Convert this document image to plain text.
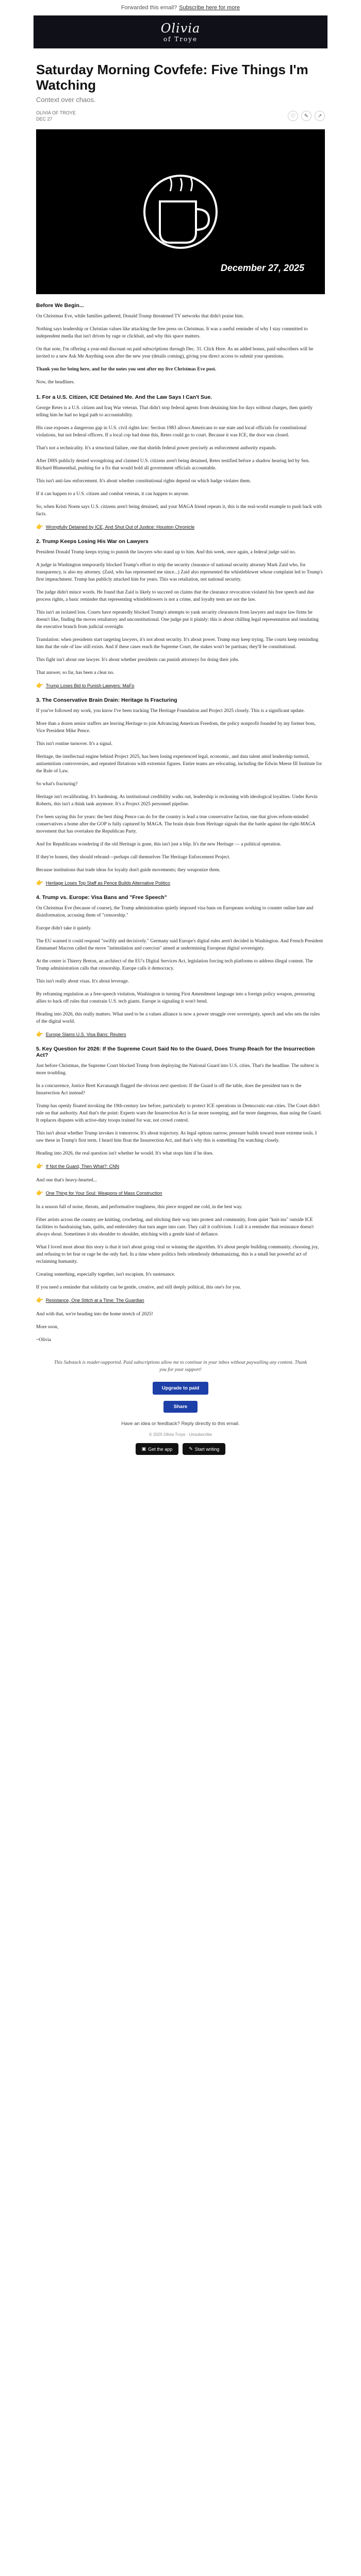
Forwarded this email? Subscribe here for more
Olivia
of Troye
Saturday Morning Covfefe: Five Things I'm Watching
Context over chaos.
OLIVIA OF TROYE
DEC 27
♡	✎	↗
December 27, 2025
Before We Begin...

On Christmas Eve, while families gathered, Donald Trump threatened TV networks that didn't praise him.

Nothing says leadership or Christian values like attacking the free press on Christmas. It was a useful reminder of why I stay committed to independent media that isn't driven by rage or clickbait, and why this space matters.

On that note, I'm offering a year-end discount on paid subscriptions through Dec. 31. Click Here. As an added bonus, paid subscribers will be invited to a new Ask Me Anything soon after the new year (details coming), giving you direct access to submit your questions.

Thank you for being here, and for the notes you sent after my live Christmas Eve post.

Now, the headlines.

1. For a U.S. Citizen, ICE Detained Me. And the Law Says I Can't Sue.

George Retes is a U.S. citizen and Iraq War veteran. That didn't stop federal agents from detaining him for days without charges, then quietly telling him he had no legal path to accountability.

His case exposes a dangerous gap in U.S. civil rights law: Section 1983 allows Americans to sue state and local officials for constitutional violations, but not federal officers. If a local cop had done this, Retes could go to court. Because it was ICE, the door was closed.

That's not a technicality. It's a structural failure, one that shields federal power precisely as enforcement authority expands.

After DHS publicly denied wrongdoing and claimed U.S. citizens aren't being detained, Retes testified before a shadow hearing led by Sen. Richard Blumenthal, pushing for a fix that would hold all government officials accountable.

This isn't anti-law enforcement. It's about whether constitutional rights depend on which badge violates them.

If it can happen to a U.S. citizen and combat veteran, it can happen to anyone.

So, when Kristi Noem says U.S. citizens aren't being detained, and your MAGA friend repeats it, this is the real-world example to push back with facts.

👉 Wrongfully Detained by ICE, And Shut Out of Justice: Houston Chronicle
2. Trump Keeps Losing His War on Lawyers

President Donald Trump keeps trying to punish the lawyers who stand up to him. And this week, once again, a federal judge said no.

A judge in Washington temporarily blocked Trump's effort to strip the security clearance of national security attorney Mark Zaid who, for transparency, is also my attorney. (Zaid, who has represented me since...) Zaid also represented the whistleblower whose complaint led to Trump's first impeachment. Trump has publicly attacked him for years. This was retaliation, not national security.

The judge didn't mince words. He found that Zaid is likely to succeed on claims that the clearance revocation violated his free speech and due process rights, a basic reminder that representing whistleblowers is not a crime, and loyalty tests are not the law.

This isn't an isolated loss. Courts have repeatedly blocked Trump's attempts to yank security clearances from lawyers and major law firms he doesn't like, finding the moves retaliatory and unconstitutional. One judge put it plainly: this is about chilling legal representation and insulating the executive branch from judicial oversight.

Translation: when presidents start targeting lawyers, it's not about security. It's about power. Trump may keep trying. The courts keep reminding him that the rule of law still exists. And if these cases reach the Supreme Court, the stakes won't be partisan; they'll be constitutional.

This fight isn't about one lawyer. It's about whether presidents can punish attorneys for doing their jobs.

That answer, so far, has been a clear no.

👉 Trump Loses Bid to Punish Lawyers: MaFo
3. The Conservative Brain Drain: Heritage Is Fracturing

If you've followed my work, you know I've been tracking The Heritage Foundation and Project 2025 closely. This is a significant update.

More than a dozen senior staffers are leaving Heritage to join Advancing American Freedom, the policy nonprofit founded by my former boss, Vice President Mike Pence.

This isn't routine turnover. It's a signal.

Heritage, the intellectual engine behind Project 2025, has been losing experienced legal, economic, and data talent amid leadership turmoil, antisemitism controversies, and repeated flirtations with extremist figures. Entire teams are relocating, including the Edwin Meese III Institute for the Rule of Law.

So what's fracturing?

Heritage isn't recalibrating. It's hardening. As institutional credibility walks out, leadership is reckoning with ideological loyalties. Under Kevin Roberts, this isn't a think tank anymore. It's a Project 2025 personnel pipeline.

I've been saying this for years: the best thing Pence can do for the country is lead a true conservative faction, one that gives reform-minded conservatives a home after the GOP is fully captured by MAGA. The brain drain from Heritage signals that the battle against the right-MAGA movement that has overtaken the Republican Party.

And for Republicans wondering if the old Heritage is gone, this isn't just a blip. It's the new Heritage — a political operation.

If they're honest, they should rebrand—perhaps call themselves The Heritage Enforcement Project.

Because institutions that trade ideas for loyalty don't guide movements; they weaponize them.

👉 Heritage Loses Top Staff as Pence Builds Alternative Politico
4. Trump vs. Europe: Visa Bans and "Free Speech"

On Christmas Eve (because of course), the Trump administration quietly imposed visa bans on Europeans working to counter online hate and disinformation, accusing them of "censorship."

Europe didn't take it quietly.

The EU warned it could respond "swiftly and decisively." Germany said Europe's digital rules aren't decided in Washington. And French President Emmanuel Macron called the move "intimidation and coercion" aimed at undermining European digital sovereignty.

At the center is Thierry Breton, an architect of the EU's Digital Services Act, legislation forcing tech platforms to address illegal content. The Trump administration calls that censorship. Europe calls it democracy.

This isn't really about visas. It's about leverage.

By reframing regulation as a free-speech violation, Washington is turning First Amendment language into a foreign policy weapon, pressuring allies to back off rules that constrain U.S. tech giants. Europe is signaling it won't bend.

Heading into 2026, this really matters. What used to be a values alliance is now a power struggle over sovereignty, speech and who sets the rules of the digital world.

👉 Europe Slams U.S. Visa Bans: Reuters
5. Key Question for 2026: If the Supreme Court Said No to the Guard, Does Trump Reach for the Insurrection Act?

Just before Christmas, the Supreme Court blocked Trump from deploying the National Guard into U.S. cities. That's the headline. The subtext is more troubling.

In a concurrence, Justice Brett Kavanaugh flagged the obvious next question: If the Guard is off the table, does the president turn to the Insurrection Act instead?

Trump has openly floated invoking the 19th-century law before, particularly to protect ICE operations in Democratic-run cities. The Court didn't rule on that authority. And that's the point: Experts warn the Insurrection Act is far more sweeping, and far more dangerous, than using the Guard. It replaces disputes with active-duty troops trained for war, not crowd control.

This isn't about whether Trump invokes it tomorrow. It's about trajectory. As legal options narrow, pressure builds toward more extreme tools. I saw these in Trump's first term. I heard him float the Insurrection Act, and that's why this is something I'm watching closely.

Heading into 2026, the real question isn't whether he would. It's what stops him if he does.

👉 If Not the Guard, Then What?: CNN

And one that's heavy-hearted...

👉 One Thing for Your Soul: Weapons of Mass Construction

In a season full of noise, threats, and performative toughness, this piece stopped me cold, in the best way.

Fiber artists across the country are knitting, crocheting, and stitching their way into protest and community, from quiet "knit-ins" outside ICE facilities to fundraising hats, quilts, and embroidery that turn anger into care. They call it craftivism. I call it a reminder that resistance doesn't always shout. Sometimes it sits shoulder to shoulder, stitching with a gentle kind of defiance.

What I loved most about this story is that it isn't about going viral or winning the algorithm. It's about people building community, choosing joy, and refusing to let fear or rage be the only fuel. In a time where politics feels relentlessly dehumanizing, this is a small but powerful act of reclaiming humanity.

Creating something, especially together, isn't escapism. It's sustenance.

If you need a reminder that solidarity can be gentle, creative, and still deeply political, this one's for you.

👉 Resistance, One Stitch at a Time: The Guardian

And with that, we're heading into the home stretch of 2025!

More soon,

~Olivia

This Substack is reader-supported. Paid subscriptions allow me to continue in your inbox without paywalling any content. Thank you for your support!
Upgrade to paid
Share
Have an idea or feedback? Reply directly to this email.
© 2025 Olivia Troye · Unsubscribe
▣ Get the app	✎ Start writing
